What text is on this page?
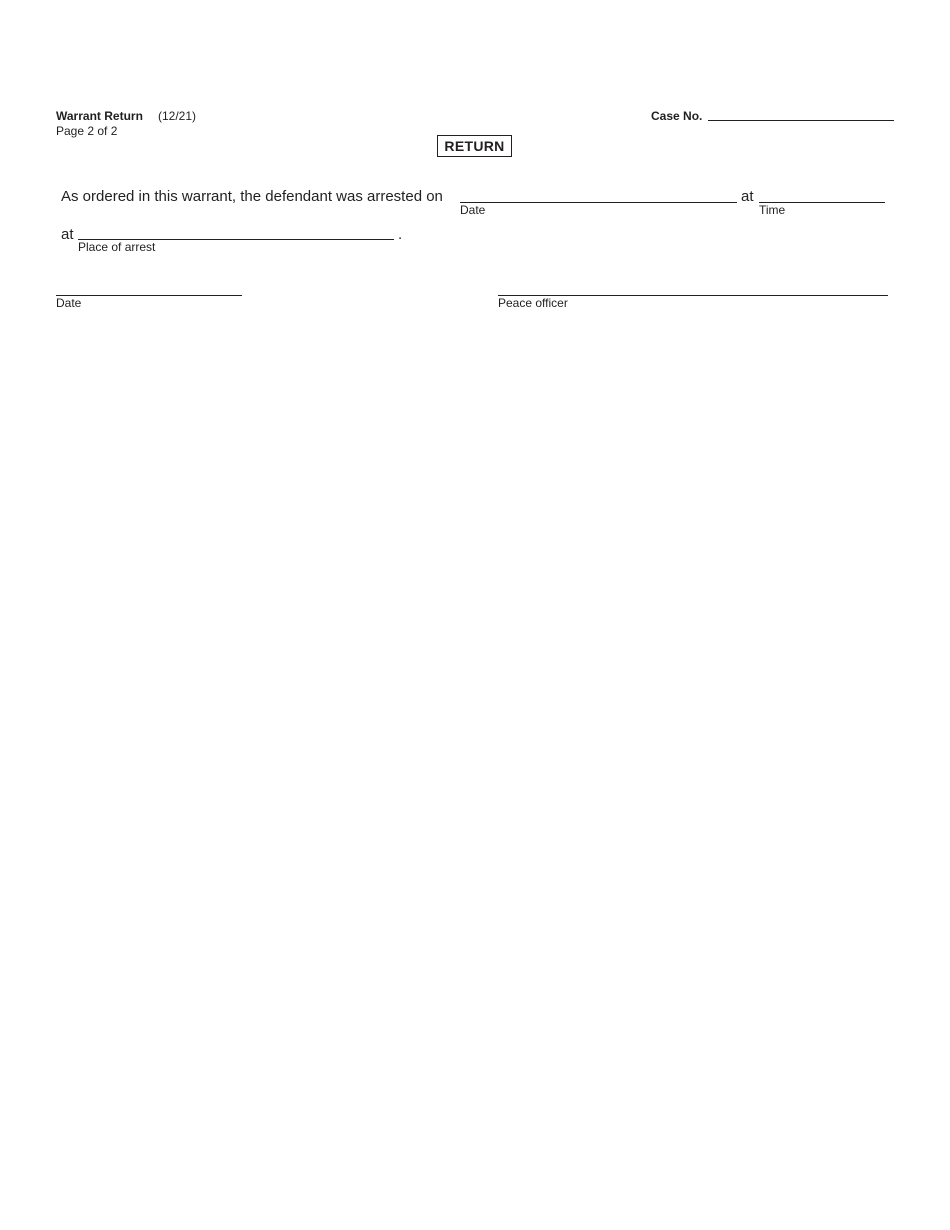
Warrant Return (12/21)
Page 2 of 2
Case No.
RETURN
As ordered in this warrant, the defendant was arrested on
Date
at
Time
at	.
Place of arrest
Date	Peace officer
